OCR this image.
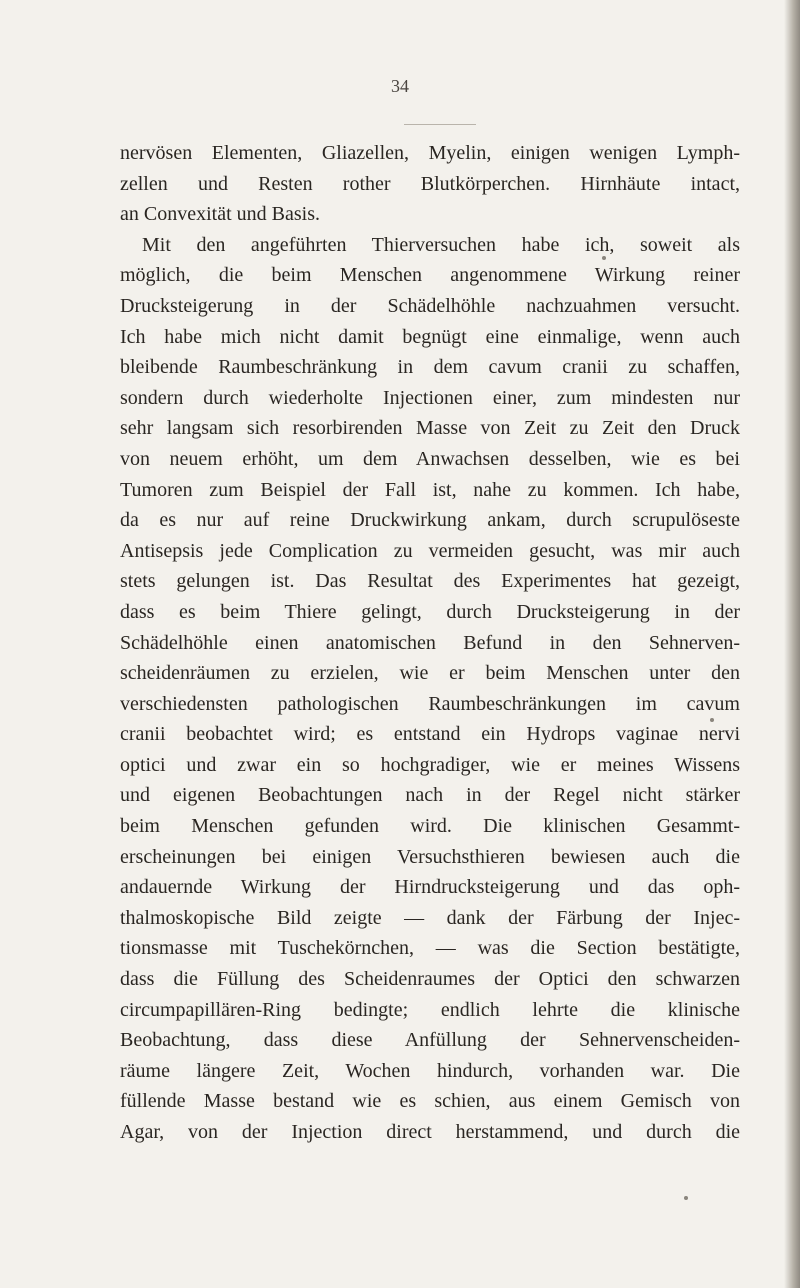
34
nervösen Elementen, Gliazellen, Myelin, einigen wenigen Lymph-
zellen und Resten rother Blutkörperchen. Hirnhäute intact,
an Convexität und Basis.
Mit den angeführten Thierversuchen habe ich, soweit als
möglich, die beim Menschen angenommene Wirkung reiner
Drucksteigerung in der Schädelhöhle nachzuahmen versucht.
Ich habe mich nicht damit begnügt eine einmalige, wenn auch
bleibende Raumbeschränkung in dem cavum cranii zu schaffen,
sondern durch wiederholte Injectionen einer, zum mindesten nur
sehr langsam sich resorbirenden Masse von Zeit zu Zeit den Druck
von neuem erhöht, um dem Anwachsen desselben, wie es bei
Tumoren zum Beispiel der Fall ist, nahe zu kommen. Ich habe,
da es nur auf reine Druckwirkung ankam, durch scrupulöseste
Antisepsis jede Complication zu vermeiden gesucht, was mir auch
stets gelungen ist. Das Resultat des Experimentes hat gezeigt,
dass es beim Thiere gelingt, durch Drucksteigerung in der
Schädelhöhle einen anatomischen Befund in den Sehnerven-
scheidenräumen zu erzielen, wie er beim Menschen unter den
verschiedensten pathologischen Raumbeschränkungen im cavum
cranii beobachtet wird; es entstand ein Hydrops vaginae nervi
optici und zwar ein so hochgradiger, wie er meines Wissens
und eigenen Beobachtungen nach in der Regel nicht stärker
beim Menschen gefunden wird. Die klinischen Gesammt-
erscheinungen bei einigen Versuchsthieren bewiesen auch die
andauernde Wirkung der Hirndrucksteigerung und das oph-
thalmoskopische Bild zeigte — dank der Färbung der Injec-
tionsmasse mit Tuschekörnchen, — was die Section bestätigte,
dass die Füllung des Scheidenraumes der Optici den schwarzen
circumpapillären-Ring bedingte; endlich lehrte die klinische
Beobachtung, dass diese Anfüllung der Sehnervenscheiden-
räume längere Zeit, Wochen hindurch, vorhanden war. Die
füllende Masse bestand wie es schien, aus einem Gemisch von
Agar, von der Injection direct herstammend, und durch die
